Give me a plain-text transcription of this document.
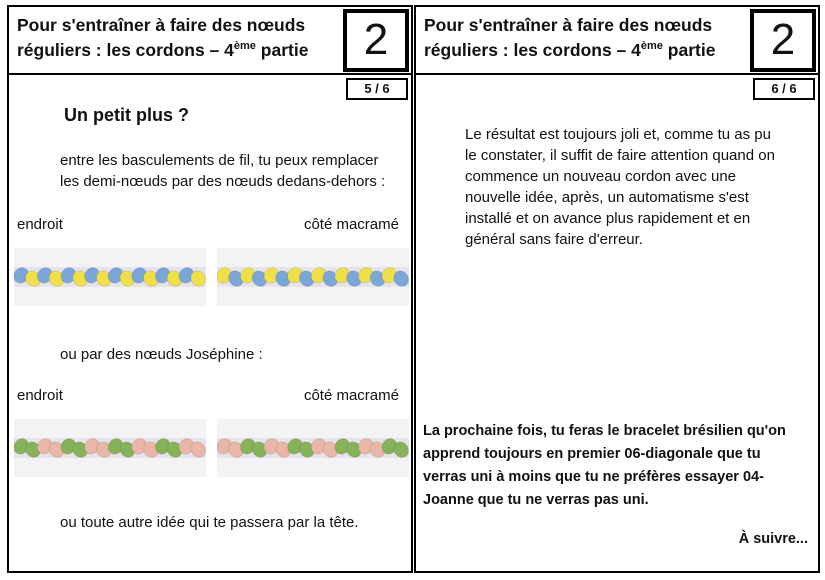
Pour s'entraîner à faire des nœuds
réguliers : les cordons – 4ème partie	2
5 / 6
Un petit plus ?
entre les basculements de fil, tu peux remplacer
les demi-nœuds par des nœuds dedans-dehors :
endroit	côté macramé
ou par des nœuds Joséphine :
endroit	côté macramé
ou toute autre idée qui te passera par la tête.
Pour s'entraîner à faire des nœuds
réguliers : les cordons – 4ème partie	2
6 / 6
Le résultat est toujours joli et, comme tu as pu
le constater, il suffit de faire attention quand on
commence un nouveau cordon avec une
nouvelle idée, après, un automatisme s'est
installé et on avance plus rapidement et en
général sans faire d'erreur.
La prochaine fois, tu feras le bracelet brésilien qu'on
apprend toujours en premier 06-diagonale que tu
verras uni à moins que tu ne préfères essayer 04-
Joanne que tu ne verras pas uni.
À suivre...
